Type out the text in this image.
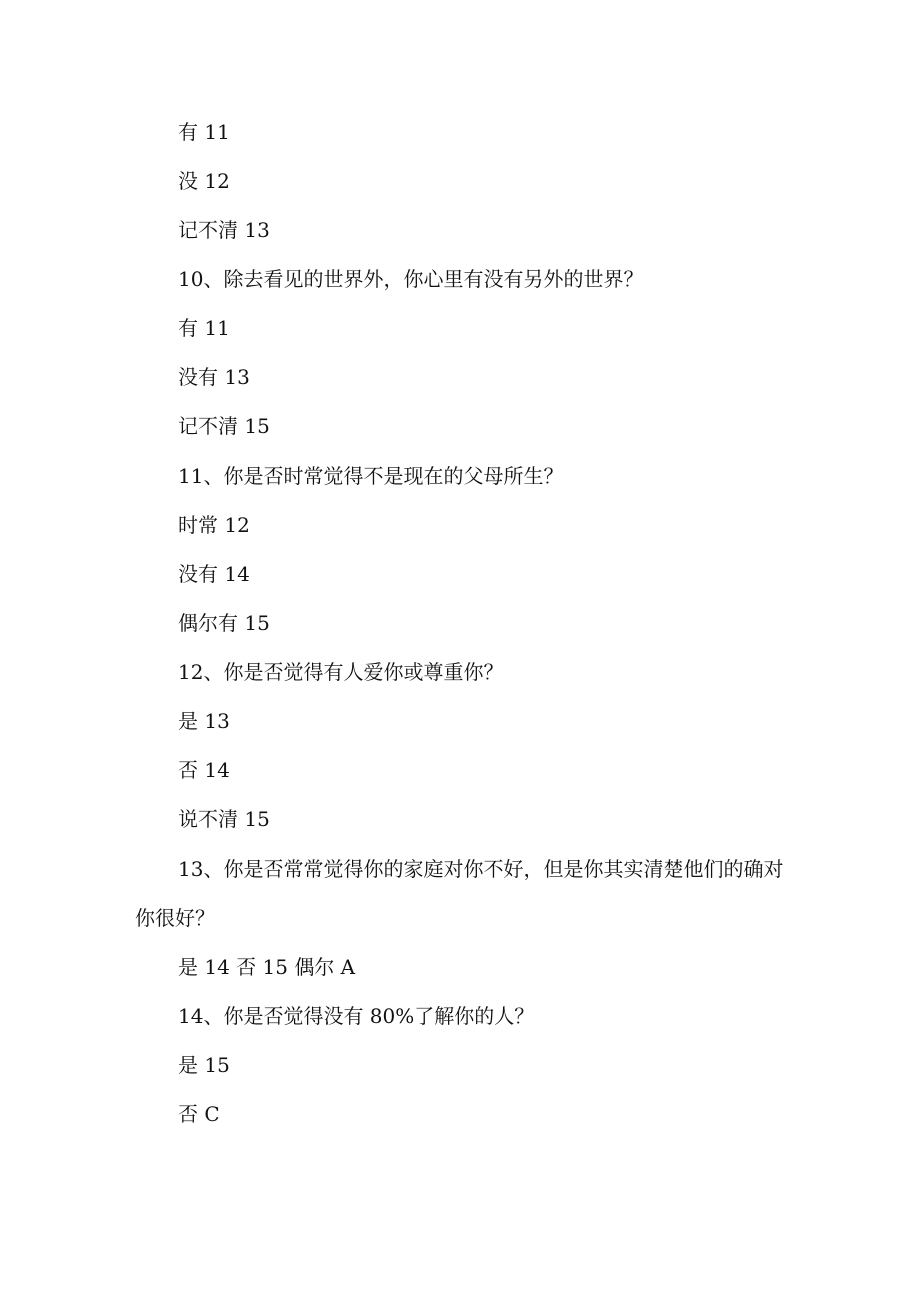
有 11
没 12
记不清 13
10、除去看见的世界外，你心里有没有另外的世界？
有 11
没有 13
记不清 15
11、你是否时常觉得不是现在的父母所生？
时常 12
没有 14
偶尔有 15
12、你是否觉得有人爱你或尊重你？
是 13
否 14
说不清 15
13、你是否常常觉得你的家庭对你不好，但是你其实清楚他们的确对
你很好？
是 14 否 15 偶尔 A
14、你是否觉得没有 80%了解你的人？
是 15
否 C
